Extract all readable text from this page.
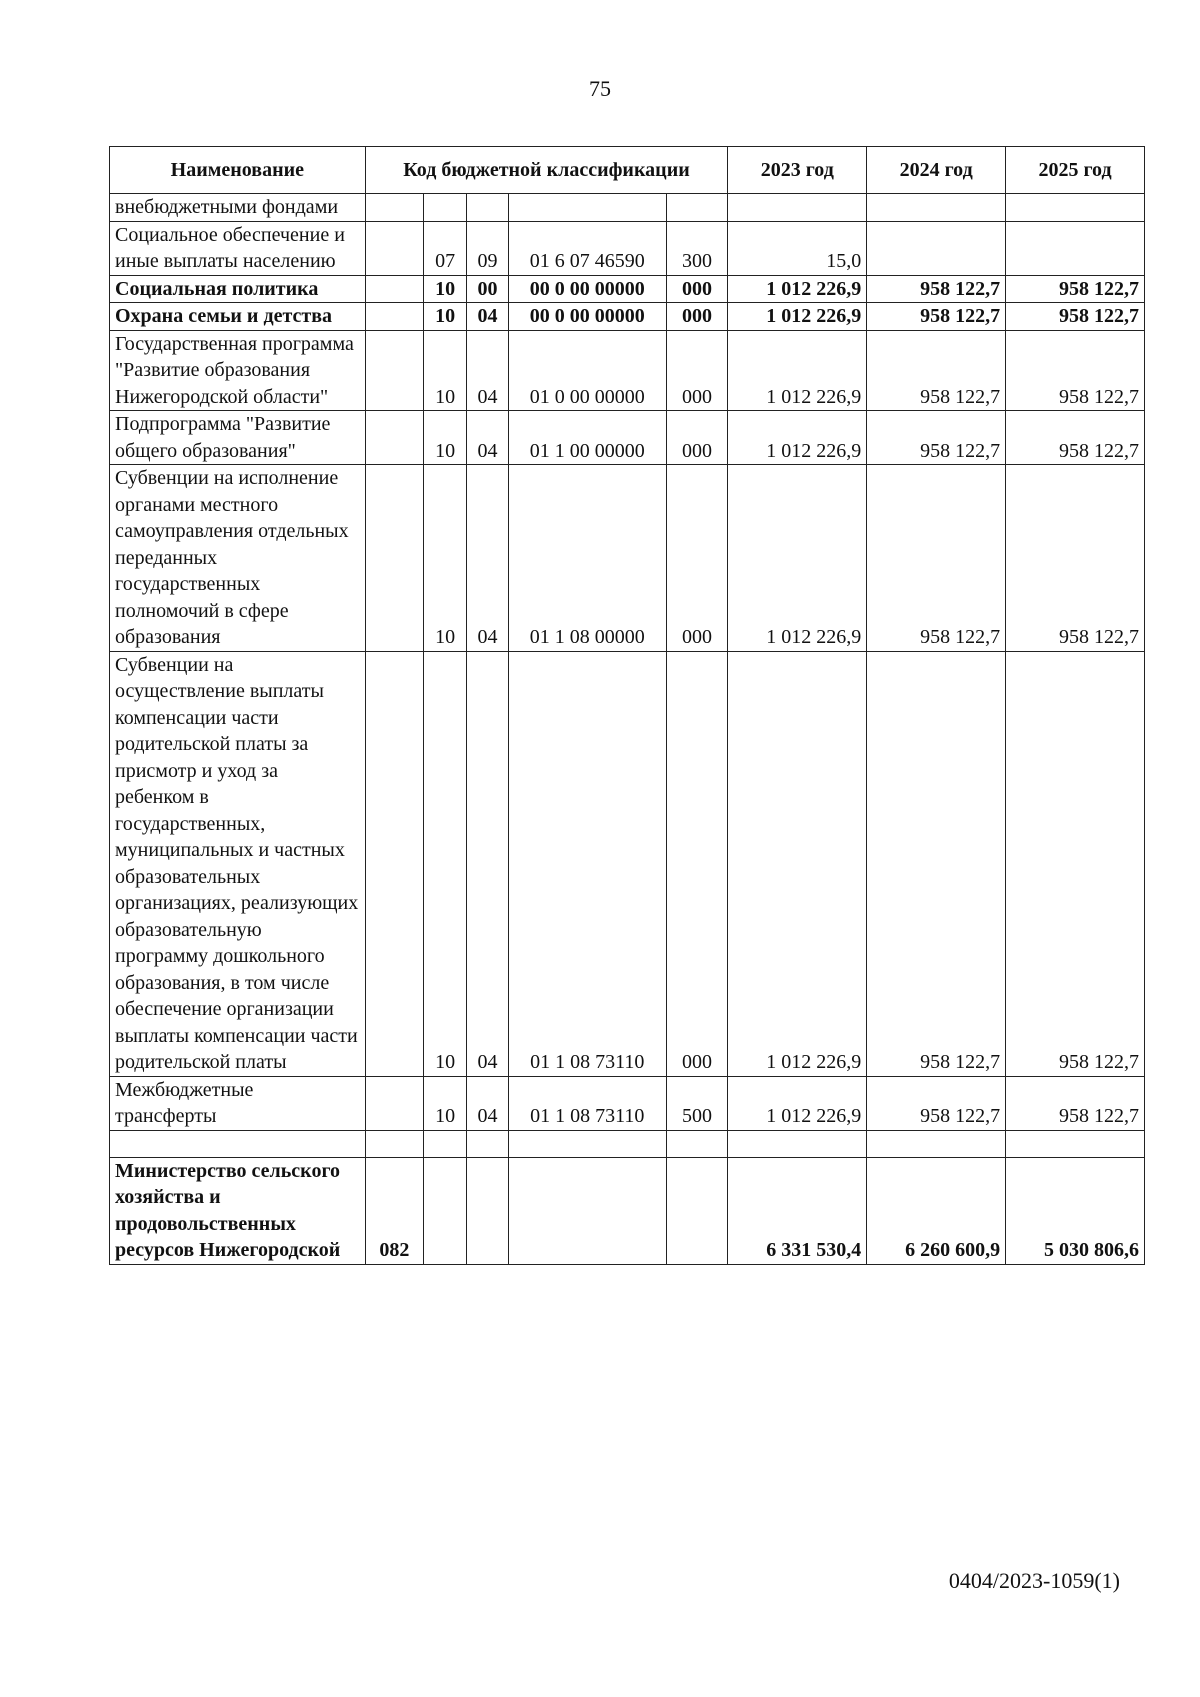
75
Наименование	Код бюджетной классификации					2023 год	2024 год	2025 год
внебюджетными фондами								
Социальное обеспечение и иные выплаты населению		07	09	01 6 07 46590	300	15,0		
Социальная политика		10	00	00 0 00 00000	000	1 012 226,9	958 122,7	958 122,7
Охрана семьи и детства		10	04	00 0 00 00000	000	1 012 226,9	958 122,7	958 122,7
Государственная программа "Развитие образования Нижегородской области"		10	04	01 0 00 00000	000	1 012 226,9	958 122,7	958 122,7
Подпрограмма "Развитие общего образования"		10	04	01 1 00 00000	000	1 012 226,9	958 122,7	958 122,7
Субвенции на исполнение органами местного самоуправления отдельных переданных государственных полномочий в сфере образования		10	04	01 1 08 00000	000	1 012 226,9	958 122,7	958 122,7
Субвенции на осуществление выплаты компенсации части родительской платы за присмотр и уход за ребенком в государственных, муниципальных и частных образовательных организациях, реализующих образовательную программу дошкольного образования, в том числе обеспечение организации выплаты компенсации части родительской платы		10	04	01 1 08 73110	000	1 012 226,9	958 122,7	958 122,7
Межбюджетные трансферты		10	04	01 1 08 73110	500	1 012 226,9	958 122,7	958 122,7

Министерство сельского хозяйства и продовольственных ресурсов Нижегородской	082					6 331 530,4	6 260 600,9	5 030 806,6
0404/2023-1059(1)
